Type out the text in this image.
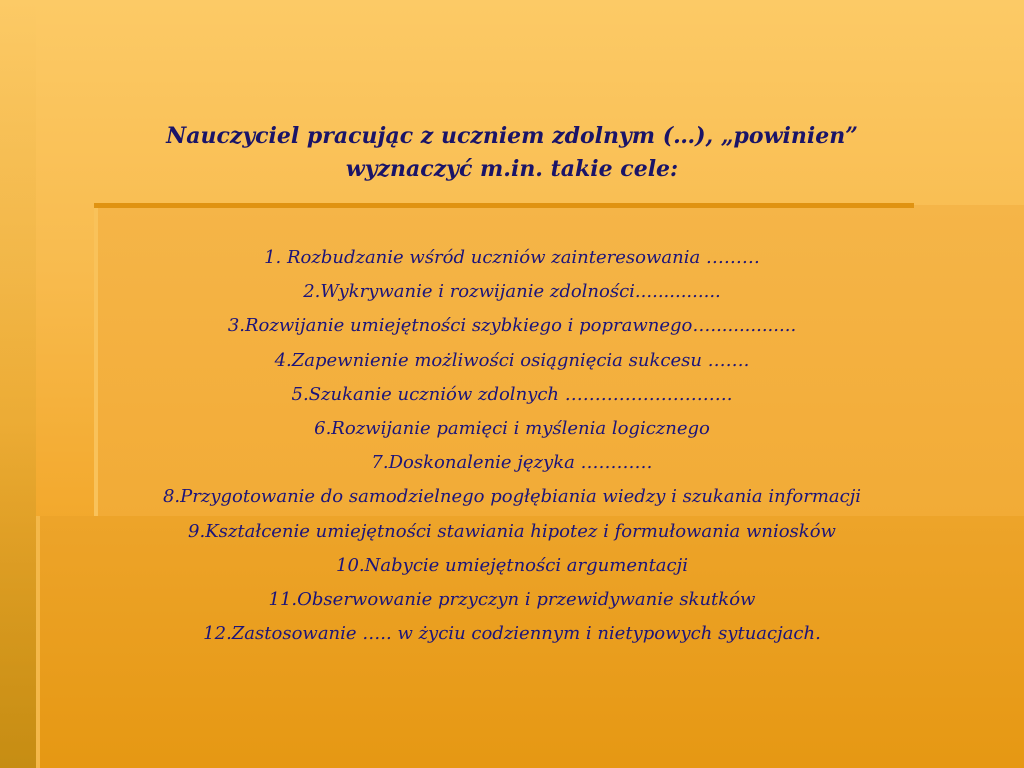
Nauczyciel pracując z uczniem zdolnym (…), „powinien”
wyznaczyć m.in. takie cele:
1. Rozbudzanie wśród uczniów zainteresowania ………
2.Wykrywanie i rozwijanie zdolności...............
3.Rozwijanie umiejętności szybkiego i poprawnego…...............
4.Zapewnienie możliwości osiągnięcia sukcesu …….
5.Szukanie uczniów zdolnych ……………………….
6.Rozwijanie pamięci i myślenia logicznego
7.Doskonalenie języka …………
8.Przygotowanie do samodzielnego pogłębiania wiedzy i szukania informacji
9.Kształcenie umiejętności stawiania hipotez i formułowania wniosków
10.Nabycie umiejętności argumentacji
11.Obserwowanie przyczyn i przewidywanie skutków
12.Zastosowanie ….. w życiu codziennym i nietypowych sytuacjach.
